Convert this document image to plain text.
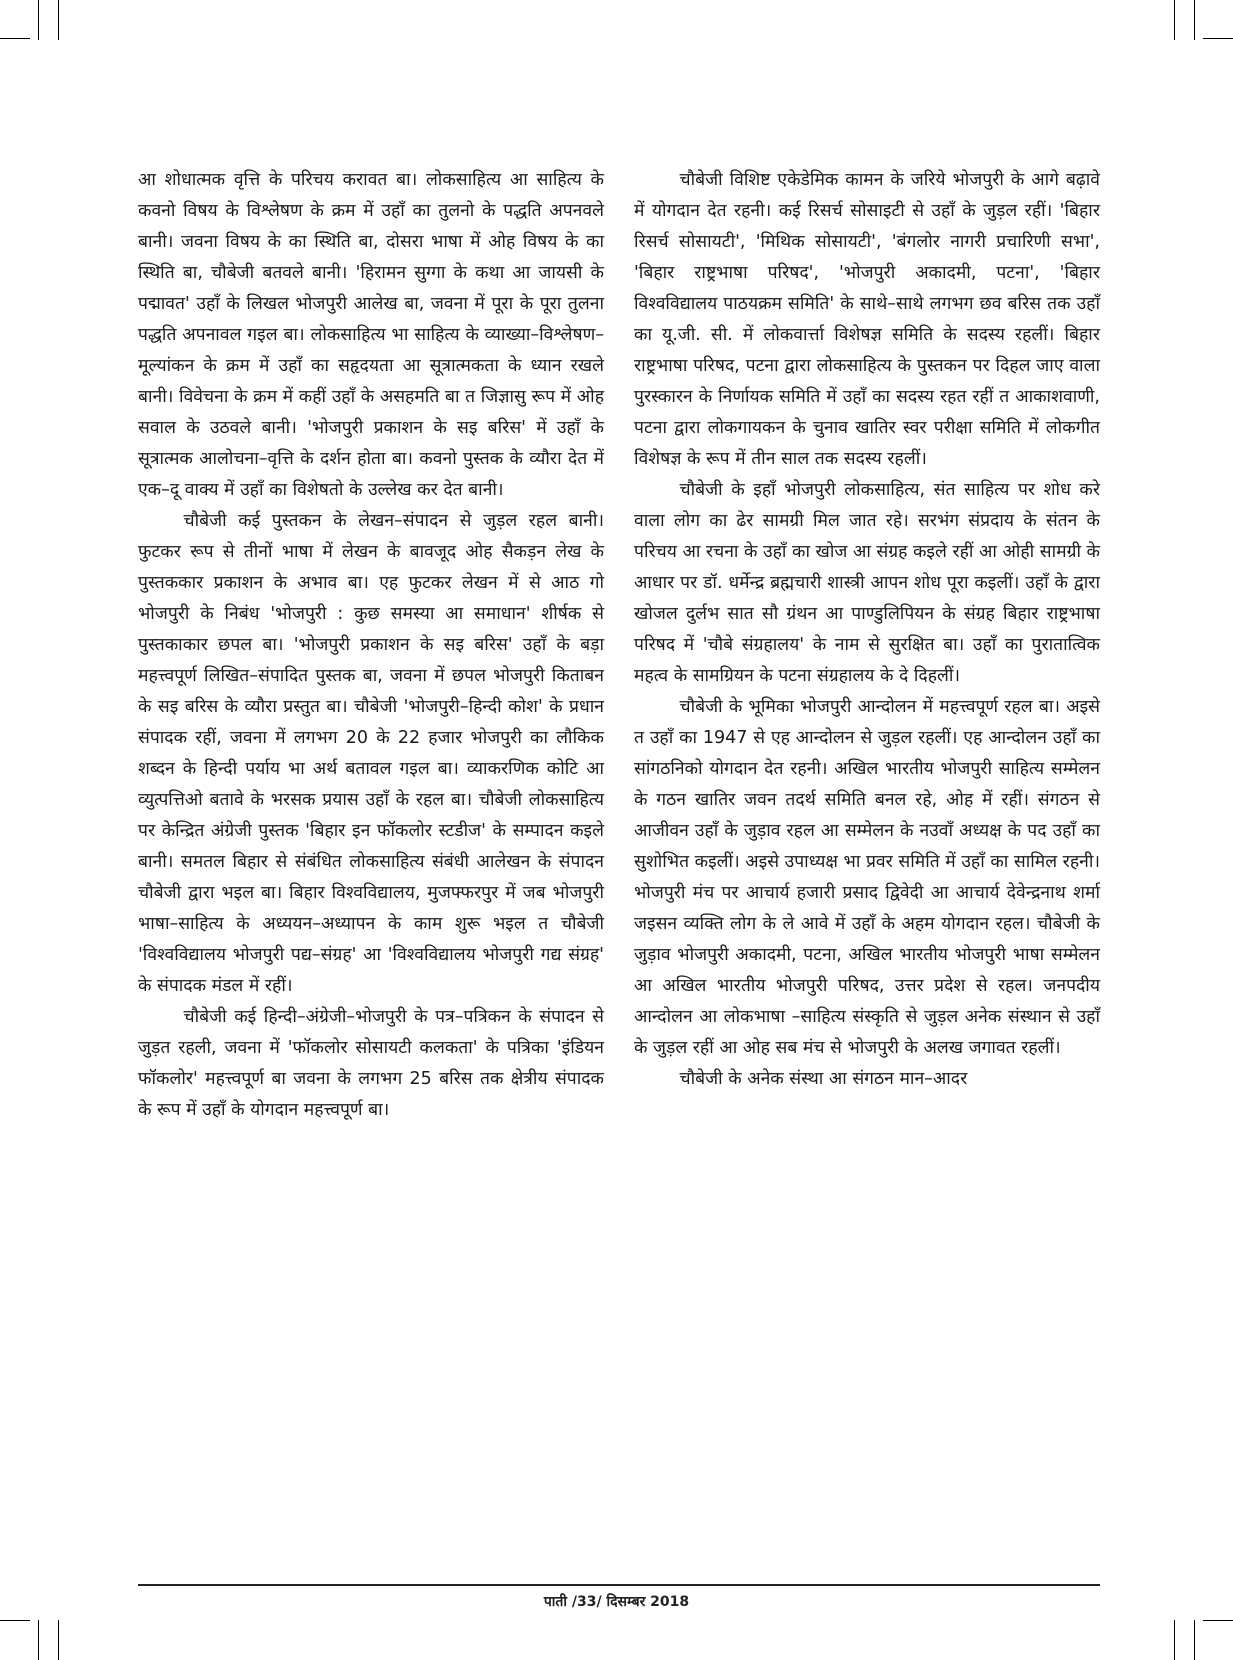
आ शोधात्मक वृत्ति के परिचय करावत बा। लोकसाहित्य आ साहित्य के कवनो विषय के विश्लेषण के क्रम में उहाँ का तुलनो के पद्धति अपनवले बानी। जवना विषय के का स्थिति बा, दोसरा भाषा में ओह विषय के का स्थिति बा, चौबेजी बतवले बानी। 'हिरामन सुग्गा के कथा आ जायसी के पद्मावत' उहाँ के लिखल भोजपुरी आलेख बा, जवना में पूरा के पूरा तुलना पद्धति अपनावल गइल बा। लोकसाहित्य भा साहित्य के व्याख्या–विश्लेषण–मूल्यांकन के क्रम में उहाँ का सहृदयता आ सूत्रात्मकता के ध्यान रखले बानी। विवेचना के क्रम में कहीं उहाँ के असहमति बा त जिज्ञासु रूप में ओह सवाल के उठवले बानी। 'भोजपुरी प्रकाशन के सइ बरिस' में उहाँ के सूत्रात्मक आलोचना–वृत्ति के दर्शन होता बा। कवनो पुस्तक के व्यौरा देत में एक–दू वाक्य में उहाँ का विशेषतो के उल्लेख कर देत बानी।

चौबेजी कई पुस्तकन के लेखन–संपादन से जुड़ल रहल बानी। फुटकर रूप से तीनों भाषा में लेखन के बावजूद ओह सैकड़न लेख के पुस्तककार प्रकाशन के अभाव बा। एह फुटकर लेखन में से आठ गो भोजपुरी के निबंध 'भोजपुरी : कुछ समस्या आ समाधान' शीर्षक से पुस्तकाकार छपल बा। 'भोजपुरी प्रकाशन के सइ बरिस' उहाँ के बड़ा महत्त्वपूर्ण लिखित–संपादित पुस्तक बा, जवना में छपल भोजपुरी किताबन के सइ बरिस के व्यौरा प्रस्तुत बा। चौबेजी 'भोजपुरी–हिन्दी कोश' के प्रधान संपादक रहीं, जवना में लगभग 20 के 22 हजार भोजपुरी का लौकिक शब्दन के हिन्दी पर्याय भा अर्थ बतावल गइल बा। व्याकरणिक कोटि आ व्युत्पत्तिओ बतावे के भरसक प्रयास उहाँ के रहल बा। चौबेजी लोकसाहित्य पर केन्द्रित अंग्रेजी पुस्तक 'बिहार इन फॉकलोर स्टडीज' के सम्पादन कइले बानी। समतल बिहार से संबंधित लोकसाहित्य संबंधी आलेखन के संपादन चौबेजी द्वारा भइल बा। बिहार विश्वविद्यालय, मुजफ्फरपुर में जब भोजपुरी भाषा–साहित्य के अध्ययन–अध्यापन के काम शुरू भइल त चौबेजी 'विश्वविद्यालय भोजपुरी पद्य–संग्रह' आ 'विश्वविद्यालय भोजपुरी गद्य संग्रह' के संपादक मंडल में रहीं।

चौबेजी कई हिन्दी–अंग्रेजी–भोजपुरी के पत्र–पत्रिकन के संपादन से जुड़त रहली, जवना में 'फॉकलोर सोसायटी कलकता' के पत्रिका 'इंडियन फॉकलोर' महत्त्वपूर्ण बा जवना के लगभग 25 बरिस तक क्षेत्रीय संपादक के रूप में उहाँ के योगदान महत्त्वपूर्ण बा।

चौबेजी विशिष्ट एकेडेमिक कामन के जरिये भोजपुरी के आगे बढ़ावे में योगदान देत रहनी। कई रिसर्च सोसाइटी से उहाँ के जुड़ल रहीं। 'बिहार रिसर्च सोसायटी', 'मिथिक सोसायटी', 'बंगलोर नागरी प्रचारिणी सभा', 'बिहार राष्ट्रभाषा परिषद', 'भोजपुरी अकादमी, पटना', 'बिहार विश्वविद्यालय पाठयक्रम समिति' के साथे–साथे लगभग छव बरिस तक उहाँ का यू.जी. सी. में लोकवार्त्ता विशेषज्ञ समिति के सदस्य रहलीं। बिहार राष्ट्रभाषा परिषद, पटना द्वारा लोकसाहित्य के पुस्तकन पर दिहल जाए वाला पुरस्कारन के निर्णायक समिति में उहाँ का सदस्य रहत रहीं त आकाशवाणी, पटना द्वारा लोकगायकन के चुनाव खातिर स्वर परीक्षा समिति में लोकगीत विशेषज्ञ के रूप में तीन साल तक सदस्य रहलीं।

चौबेजी के इहाँ भोजपुरी लोकसाहित्य, संत साहित्य पर शोध करे वाला लोग का ढेर सामग्री मिल जात रहे। सरभंग संप्रदाय के संतन के परिचय आ रचना के उहाँ का खोज आ संग्रह कइले रहीं आ ओही सामग्री के आधार पर डॉ. धर्मेन्द्र ब्रह्मचारी शास्त्री आपन शोध पूरा कइलीं। उहाँ के द्वारा खोजल दुर्लभ सात सौ ग्रंथन आ पाण्डुलिपियन के संग्रह बिहार राष्ट्रभाषा परिषद में 'चौबे संग्रहालय' के नाम से सुरक्षित बा। उहाँ का पुरातात्विक महत्व के सामग्रियन के पटना संग्रहालय के दे दिहलीं।

चौबेजी के भूमिका भोजपुरी आन्दोलन में महत्त्वपूर्ण रहल बा। अइसे त उहाँ का 1947 से एह आन्दोलन से जुड़ल रहलीं। एह आन्दोलन उहाँ का सांगठनिको योगदान देत रहनी। अखिल भारतीय भोजपुरी साहित्य सम्मेलन के गठन खातिर जवन तदर्थ समिति बनल रहे, ओह में रहीं। संगठन से आजीवन उहाँ के जुड़ाव रहल आ सम्मेलन के नउवाँ अध्यक्ष के पद उहाँ का सुशोभित कइलीं। अइसे उपाध्यक्ष भा प्रवर समिति में उहाँ का सामिल रहनी। भोजपुरी मंच पर आचार्य हजारी प्रसाद द्विवेदी आ आचार्य देवेन्द्रनाथ शर्मा जइसन व्यक्ति लोग के ले आवे में उहाँ के अहम योगदान रहल। चौबेजी के जुड़ाव भोजपुरी अकादमी, पटना, अखिल भारतीय भोजपुरी भाषा सम्मेलन आ अखिल भारतीय भोजपुरी परिषद, उत्तर प्रदेश से रहल। जनपदीय आन्दोलन आ लोकभाषा –साहित्य संस्कृति से जुड़ल अनेक संस्थान से उहाँ के जुड़ल रहीं आ ओह सब मंच से भोजपुरी के अलख जगावत रहलीं।

चौबेजी के अनेक संस्था आ संगठन मान–आदर

पाती /33/ दिसम्बर 2018
